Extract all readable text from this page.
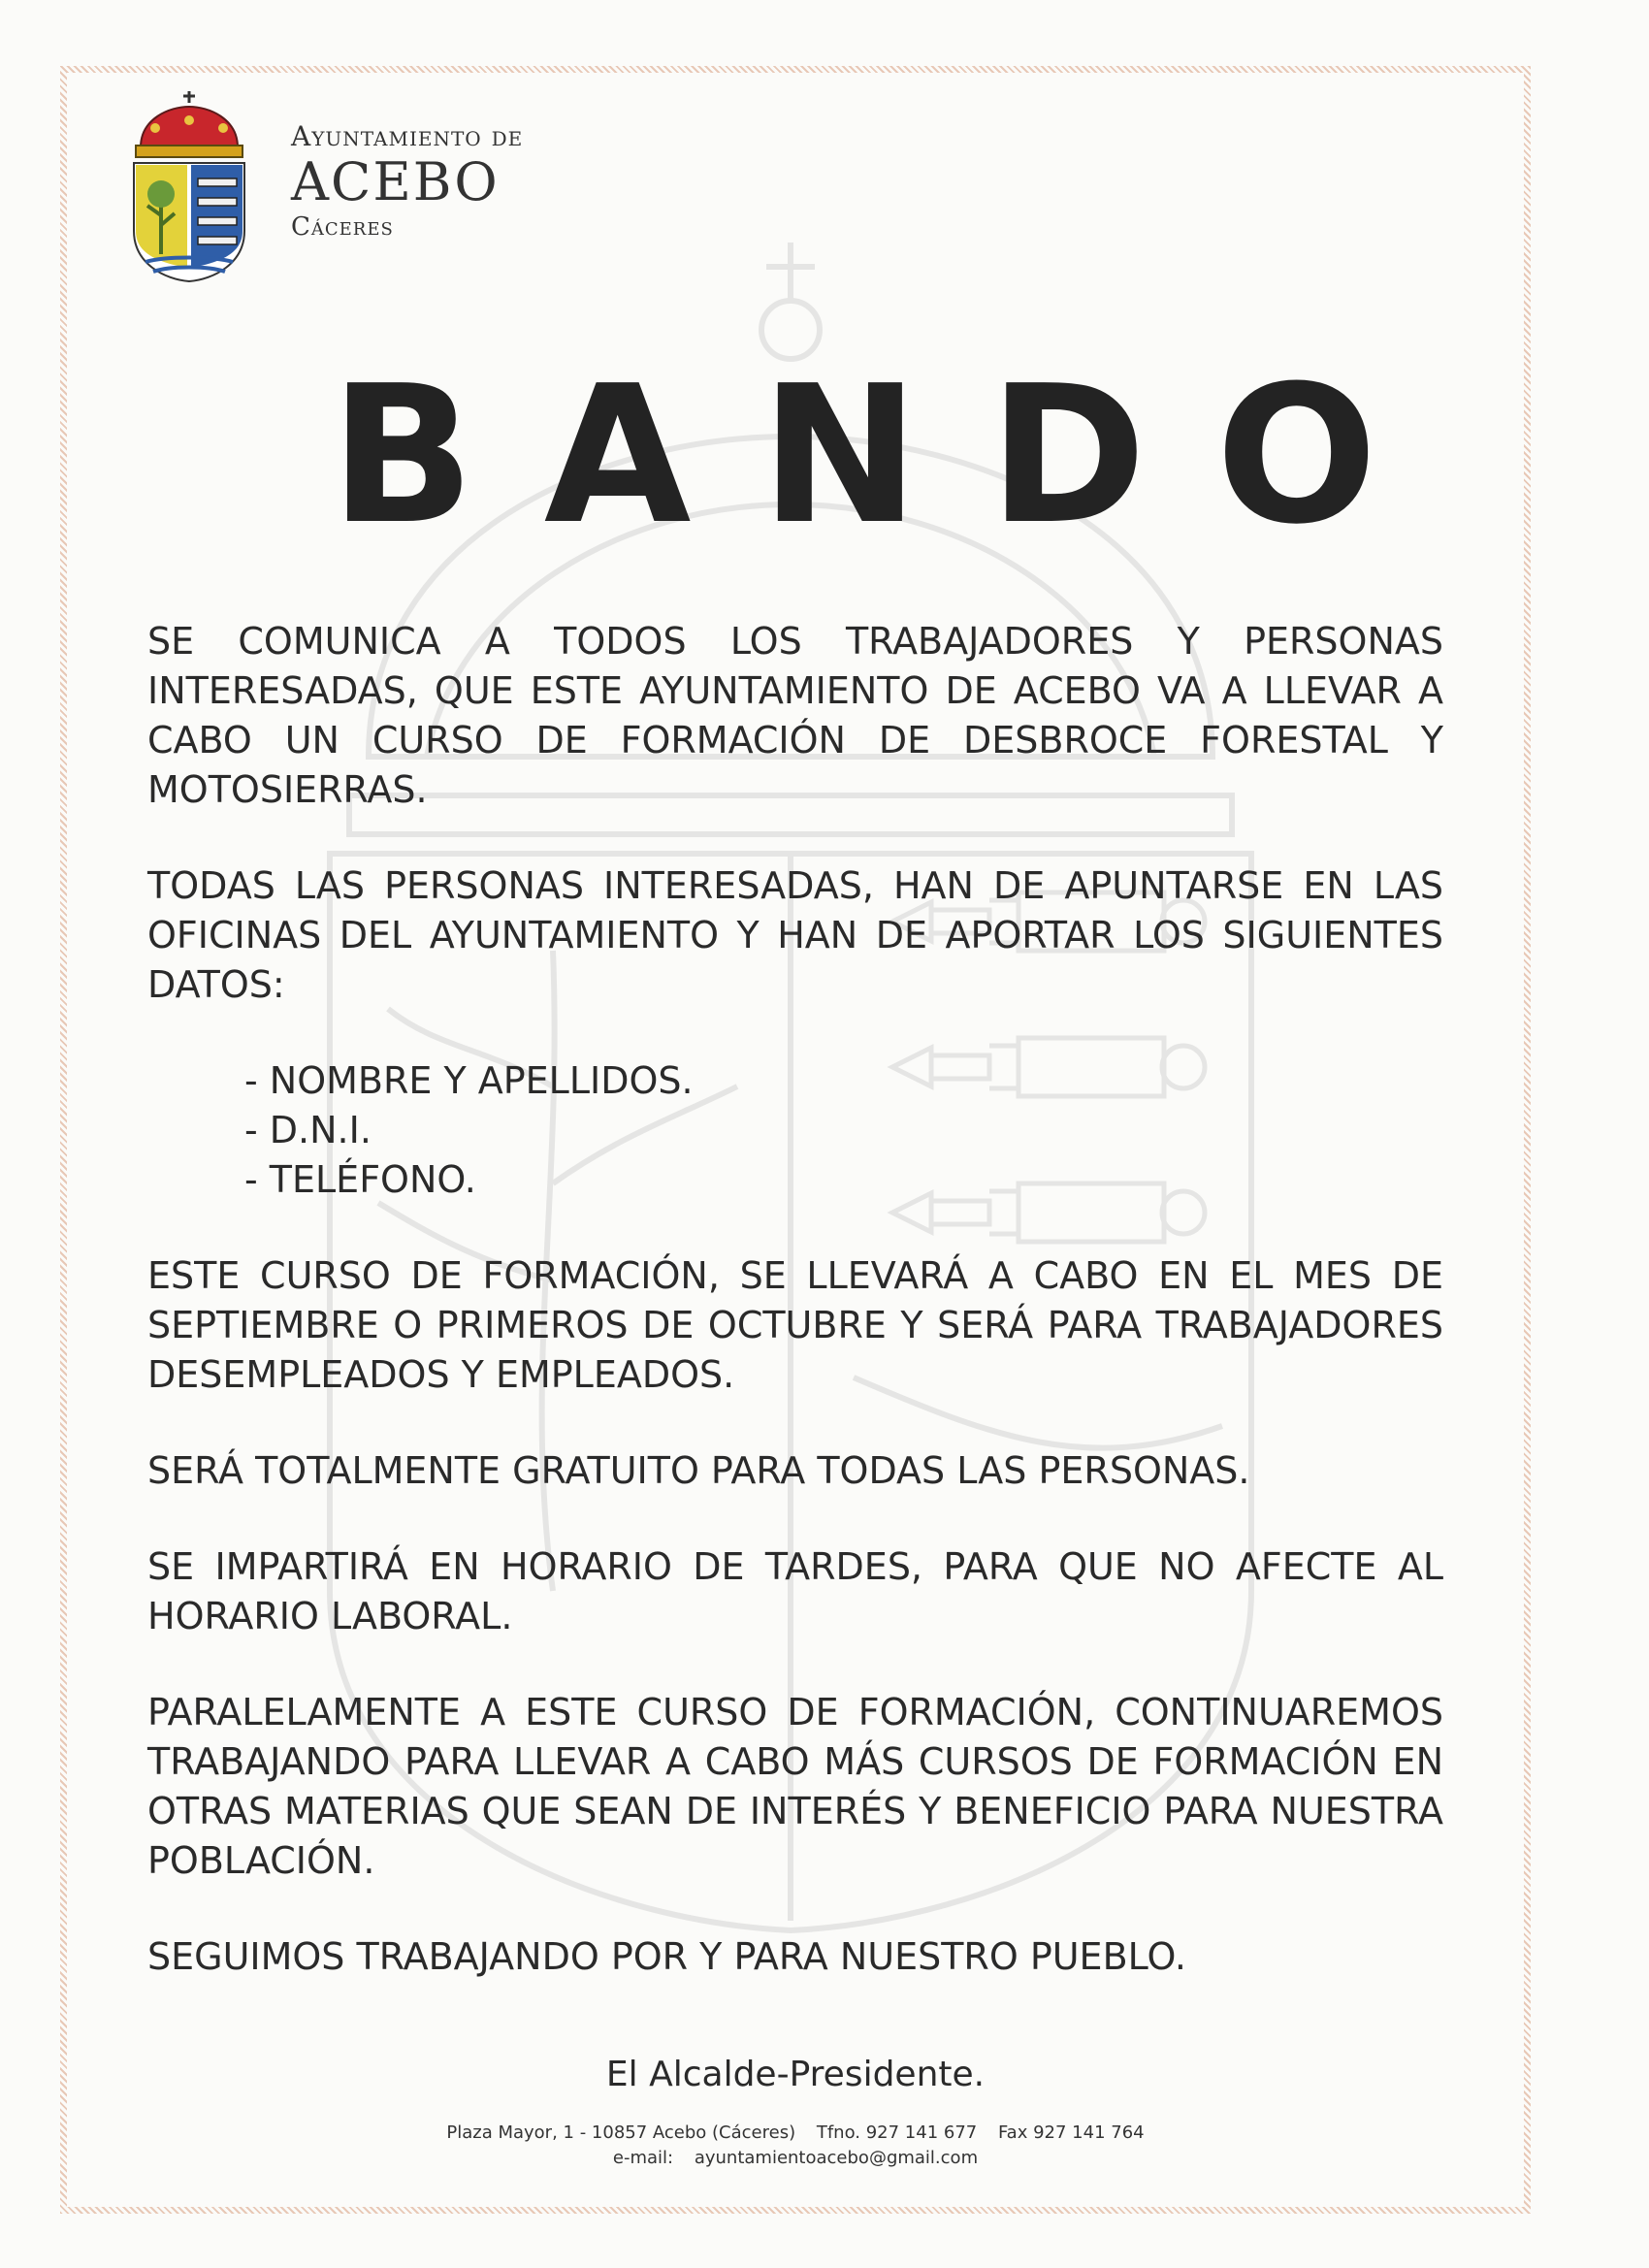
Ayuntamiento de
ACEBO
Cáceres
B A N D O

SE COMUNICA A TODOS LOS TRABAJADORES Y PERSONAS INTERESADAS, QUE ESTE AYUNTAMIENTO DE ACEBO VA A LLEVAR A CABO UN CURSO DE FORMACIÓN DE DESBROCE FORESTAL Y MOTOSIERRAS.

TODAS LAS PERSONAS INTERESADAS, HAN DE APUNTARSE EN LAS OFICINAS DEL AYUNTAMIENTO Y HAN DE APORTAR LOS SIGUIENTES DATOS:

- NOMBRE Y APELLIDOS.
- D.N.I.
- TELÉFONO.

ESTE CURSO DE FORMACIÓN, SE LLEVARÁ A CABO EN EL MES DE SEPTIEMBRE O PRIMEROS DE OCTUBRE Y SERÁ PARA TRABAJADORES DESEMPLEADOS Y EMPLEADOS.

SERÁ TOTALMENTE GRATUITO PARA TODAS LAS PERSONAS.

SE IMPARTIRÁ EN HORARIO DE TARDES, PARA QUE NO AFECTE AL HORARIO LABORAL.

PARALELAMENTE A ESTE CURSO DE FORMACIÓN, CONTINUAREMOS TRABAJANDO PARA LLEVAR A CABO MÁS CURSOS DE FORMACIÓN EN OTRAS MATERIAS QUE SEAN DE INTERÉS Y BENEFICIO PARA NUESTRA POBLACIÓN.

SEGUIMOS TRABAJANDO POR Y PARA NUESTRO PUEBLO.

El Alcalde-Presidente.
Plaza Mayor, 1 - 10857 Acebo (Cáceres) Tfno. 927 141 677 Fax 927 141 764
e-mail: ayuntamientoacebo@gmail.com
